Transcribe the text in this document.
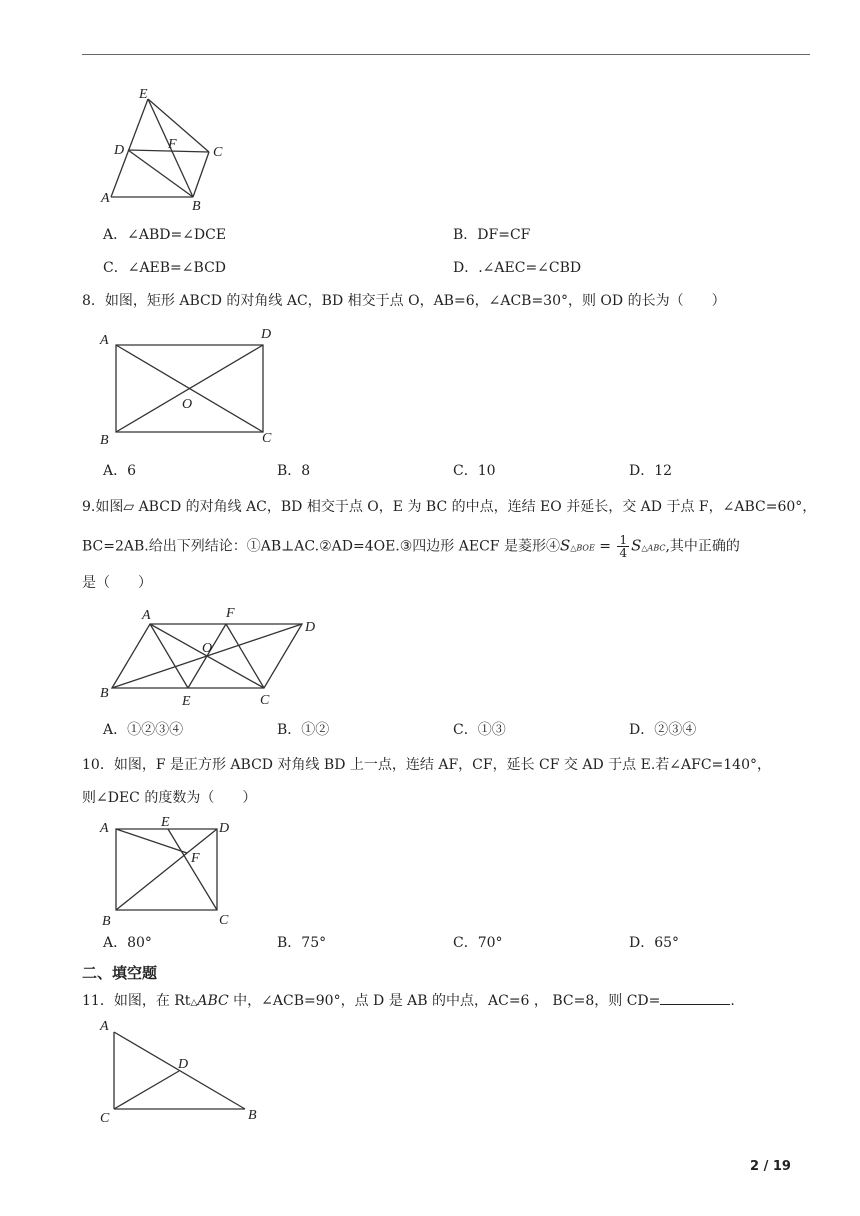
E
D	F
C
A
B
A．∠ABD=∠DCE	B．DF=CF
C．∠AEB=∠BCD	D．.∠AEC=∠CBD
8．如图，矩形 ABCD 的对角线 AC，BD 相交于点 O，AB=6，∠ACB=30°，则 OD 的长为（　　）
A	D
O
B	C
A．6	B．8	C．10	D．12
9.如图▱ ABCD 的对角线 AC，BD 相交于点 O，E 为 BC 的中点，连结 EO 并延长，交 AD 于点 F，∠ABC=60°，
BC=2AB.给出下列结论：①AB⊥AC.②AD=4OE.③四边形 AECF 是菱形④S△BOE = $\frac{1}{4}$ S△ABC,其中正确的
是（　　）
A	F
D
O
B
E	C
A．①②③④	B．①②	C．①③	D．②③④
10．如图，F 是正方形 ABCD 对角线 BD 上一点，连结 AF，CF，延长 CF 交 AD 于点 E.若∠AFC=140°，
则∠DEC 的度数为（　　）
A	E	D
F
B	C
A．80°	B．75°	C．70°	D．65°
二、填空题
11．如图，在 Rt△ABC 中，∠ACB=90°，点 D 是 AB 的中点，AC=6 ， BC=8，则 CD=	.
A
D
C	B
2 / 19
